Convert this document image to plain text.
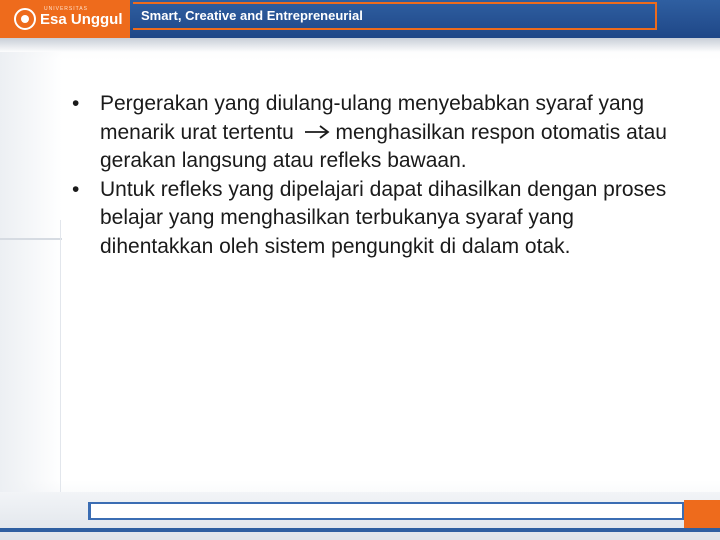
UNIVERSITAS
Esa Unggul Smart, Creative and Entrepreneurial
• Pergerakan yang diulang-ulang menyebabkan syaraf yang menarik urat tertentu menghasilkan respon otomatis atau gerakan langsung atau refleks bawaan.
• Untuk refleks yang dipelajari dapat dihasilkan dengan proses belajar yang menghasilkan terbukanya syaraf yang dihentakkan oleh sistem pengungkit di dalam otak.
